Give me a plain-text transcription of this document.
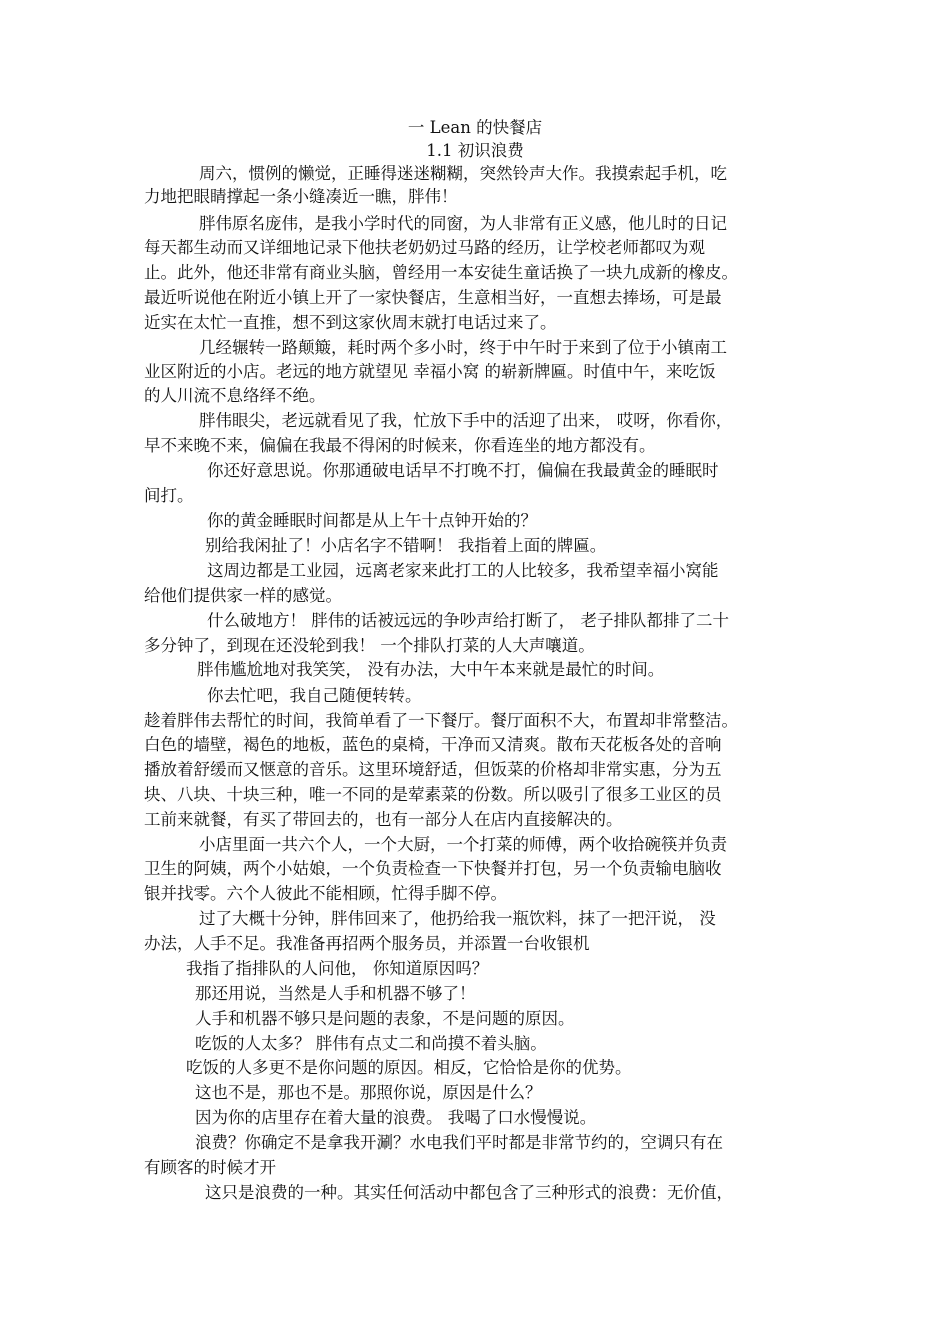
一 Lean 的快餐店
1.1 初识浪费
周六，惯例的懒觉，正睡得迷迷糊糊，突然铃声大作。我摸索起手机，吃
力地把眼睛撑起一条小缝凑近一瞧，胖伟！
胖伟原名庞伟，是我小学时代的同窗，为人非常有正义感，他儿时的日记
每天都生动而又详细地记录下他扶老奶奶过马路的经历，让学校老师都叹为观
止。此外，他还非常有商业头脑，曾经用一本安徒生童话换了一块九成新的橡皮。
最近听说他在附近小镇上开了一家快餐店，生意相当好，一直想去捧场，可是最
近实在太忙一直推，想不到这家伙周末就打电话过来了。
几经辗转一路颠簸，耗时两个多小时，终于中午时于来到了位于小镇南工
业区附近的小店。老远的地方就望见 幸福小窝 的崭新牌匾。时值中午，来吃饭
的人川流不息络绎不绝。
胖伟眼尖，老远就看见了我，忙放下手中的活迎了出来， 哎呀，你看你，
早不来晚不来，偏偏在我最不得闲的时候来，你看连坐的地方都没有。
你还好意思说。你那通破电话早不打晚不打，偏偏在我最黄金的睡眠时
间打。
你的黄金睡眠时间都是从上午十点钟开始的？
别给我闲扯了！小店名字不错啊！ 我指着上面的牌匾。
这周边都是工业园，远离老家来此打工的人比较多，我希望幸福小窝能
给他们提供家一样的感觉。
什么破地方！ 胖伟的话被远远的争吵声给打断了， 老子排队都排了二十
多分钟了，到现在还没轮到我！ 一个排队打菜的人大声嚷道。
胖伟尴尬地对我笑笑， 没有办法，大中午本来就是最忙的时间。
你去忙吧，我自己随便转转。
趁着胖伟去帮忙的时间，我简单看了一下餐厅。餐厅面积不大，布置却非常整洁。
白色的墙壁，褐色的地板，蓝色的桌椅，干净而又清爽。散布天花板各处的音响
播放着舒缓而又惬意的音乐。这里环境舒适，但饭菜的价格却非常实惠，分为五
块、八块、十块三种，唯一不同的是荤素菜的份数。所以吸引了很多工业区的员
工前来就餐，有买了带回去的，也有一部分人在店内直接解决的。
小店里面一共六个人，一个大厨，一个打菜的师傅，两个收拾碗筷并负责
卫生的阿姨，两个小姑娘，一个负责检查一下快餐并打包，另一个负责输电脑收
银并找零。六个人彼此不能相顾，忙得手脚不停。
过了大概十分钟，胖伟回来了，他扔给我一瓶饮料，抹了一把汗说， 没
办法，人手不足。我准备再招两个服务员，并添置一台收银机
我指了指排队的人问他， 你知道原因吗？
那还用说，当然是人手和机器不够了！
人手和机器不够只是问题的表象，不是问题的原因。
吃饭的人太多？ 胖伟有点丈二和尚摸不着头脑。
吃饭的人多更不是你问题的原因。相反，它恰恰是你的优势。
这也不是，那也不是。那照你说，原因是什么？
因为你的店里存在着大量的浪费。 我喝了口水慢慢说。
浪费？你确定不是拿我开涮？水电我们平时都是非常节约的，空调只有在
有顾客的时候才开
这只是浪费的一种。其实任何活动中都包含了三种形式的浪费：无价值，
